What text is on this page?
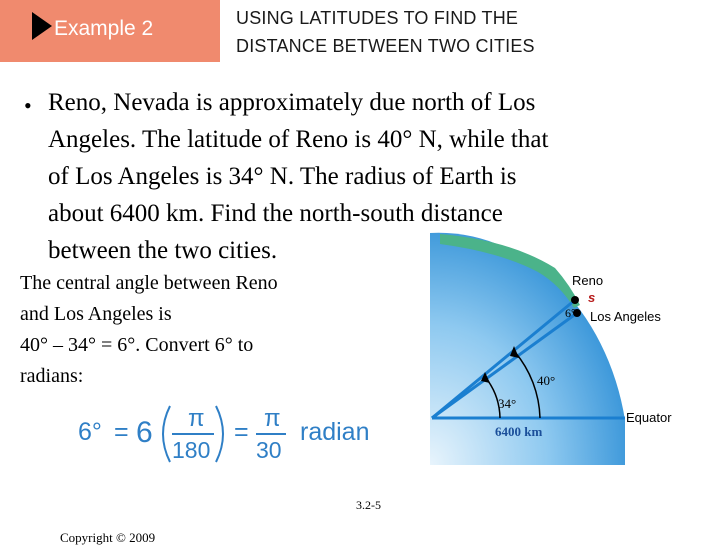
Example 2	USING LATITUDES TO FIND THE
DISTANCE BETWEEN TWO CITIES
• Reno, Nevada is approximately due north of Los
Angeles. The latitude of Reno is 40° N, while that
of Los Angeles is 34° N. The radius of Earth is
about 6400 km. Find the north-south distance
between the two cities.
The central angle between Reno
and Los Angeles is
40° – 34° = 6°. Convert 6° to
radians:
6° = 6 π
180
= π
30
radian
Reno
s
Los Angeles
Equator
6°
40°
34°
6400 km
3.2-5
Copyright © 2009
